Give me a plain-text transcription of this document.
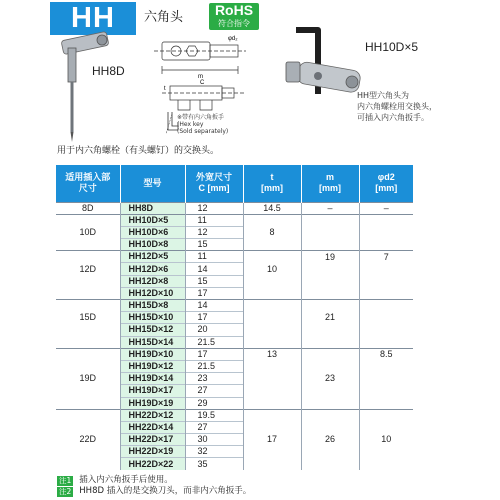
HH	六角头	RoHS
符合指令
m
φd₂
t
C
HH8D
※带有内六角扳手
(Hex key
(Sold separately)
HH10D×5
HH型六角头为
内六角螺栓用交换头，
可插入内六角扳手。
用于内六角螺栓（有头螺钉）的交换头。
适用插入部
尺寸	型号	外宽尺寸
C [mm]	t
[mm]	m
[mm]	φd2
[mm]
8D	HH8D	12	14.5	–	–
	HH10D×5	11			
10D	HH10D×6	12	8		
	HH10D×8	15			
	HH12D×5	11		19	7
12D	HH12D×6	14	10		
	HH12D×8	15			
	HH12D×10	17			
	HH15D×8	14			
15D	HH15D×10	17		21	
	HH15D×12	20			
	HH15D×14	21.5			
	HH19D×10	17	13		8.5
	HH19D×12	21.5			
19D	HH19D×14	23		23	
	HH19D×17	27			
	HH19D×19	29			
	HH22D×12	19.5			
	HH22D×14	27			
22D	HH22D×17	30	17	26	10
	HH22D×19	32			
	HH22D×22	35			
注1 插入内六角扳手后使用。
注2 HH8D 插入的是交换刀头，而非内六角扳手。
